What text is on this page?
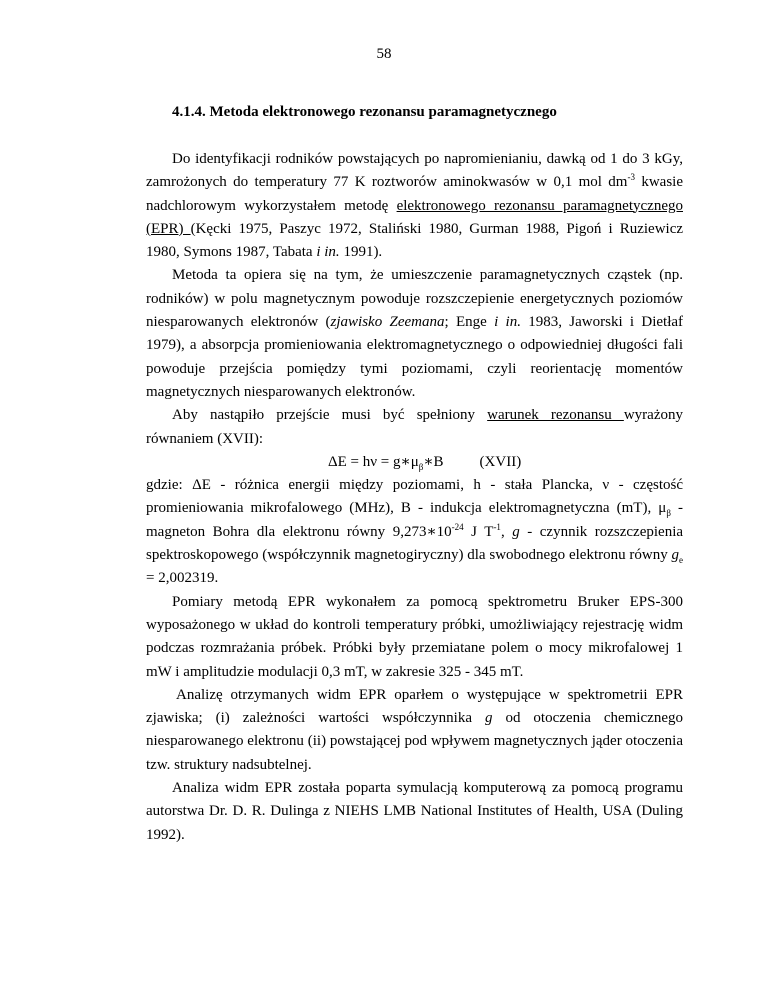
58
4.1.4. Metoda elektronowego rezonansu paramagnetycznego

Do identyfikacji rodników powstających po napromienianiu, dawką od 1 do 3 kGy, zamrożonych do temperatury 77 K roztworów aminokwasów w 0,1 mol $dm^{-3}$ kwasie nadchlorowym wykorzystałem metodę elektronowego rezonansu paramagnetycznego (EPR) (Kęcki 1975, Paszyc 1972, Staliński 1980, Gurman 1988, Pigoń i Ruziewicz 1980, Symons 1987, Tabata i in. 1991).

Metoda ta opiera się na tym, że umieszczenie paramagnetycznych cząstek (np. rodników) w polu magnetycznym powoduje rozszczepienie energetycznych poziomów niesparowanych elektronów (zjawisko Zeemana; Enge i in. 1983, Jaworski i Dietłaf 1979), a absorpcja promieniowania elektromagnetycznego o odpowiedniej długości fali powoduje przejścia pomiędzy tymi poziomami, czyli reorientację momentów magnetycznych niesparowanych elektronów.

Aby nastąpiło przejście musi być spełniony warunek rezonansu wyrażony równaniem (XVII):

$\Delta E = h\nu = g∗\mu_\beta∗B$ (XVII)

gdzie: ΔE - różnica energii między poziomami, h - stała Plancka, ν - częstość promieniowania mikrofalowego (MHz), B - indukcja elektromagnetyczna (mT), $\mu_\beta$ - magneton Bohra dla elektronu równy $9,273∗10^{-24}$ J $T^{-1}$, g - czynnik rozszczepienia spektroskopowego (współczynnik magnetogiryczny) dla swobodnego elektronu równy $g_e = 2,002319$.

Pomiary metodą EPR wykonałem za pomocą spektrometru Bruker EPS-300 wyposażonego w układ do kontroli temperatury próbki, umożliwiający rejestrację widm podczas rozmrażania próbek. Próbki były przemiatane polem o mocy mikrofalowej 1 mW i amplitudzie modulacji 0,3 mT, w zakresie 325 - 345 mT.

Analizę otrzymanych widm EPR oparłem o występujące w spektrometrii EPR zjawiska; (i) zależności wartości współczynnika g od otoczenia chemicznego niesparowanego elektronu (ii) powstającej pod wpływem magnetycznych jąder otoczenia tzw. struktury nadsubtelnej.

Analiza widm EPR została poparta symulacją komputerową za pomocą programu autorstwa Dr. D. R. Dulinga z NIEHS LMB National Institutes of Health, USA (Duling 1992).
